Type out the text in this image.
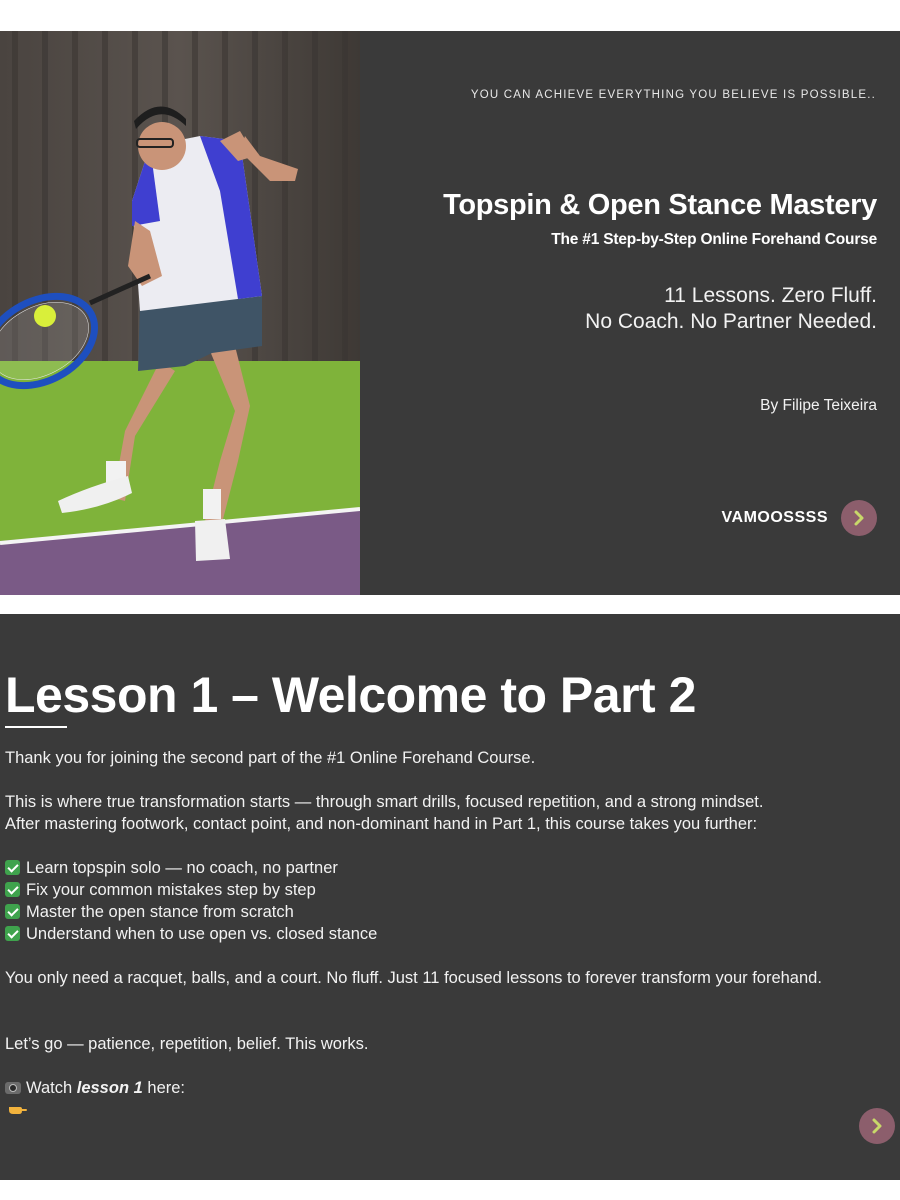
YOU CAN ACHIEVE EVERYTHING YOU BELIEVE IS POSSIBLE..
Topspin & Open Stance Mastery
The #1 Step-by-Step Online Forehand Course
11 Lessons. Zero Fluff.
No Coach. No Partner Needed.
By Filipe Teixeira
VAMOOSSSS
Lesson 1 – Welcome to Part 2
Thank you for joining the second part of the #1 Online Forehand Course.
This is where true transformation starts — through smart drills, focused repetition, and a strong mindset.
After mastering footwork, contact point, and non-dominant hand in Part 1, this course takes you further:
Learn topspin solo — no coach, no partner
Fix your common mistakes step by step
Master the open stance from scratch
Understand when to use open vs. closed stance
You only need a racquet, balls, and a court. No fluff. Just 11 focused lessons to forever transform your forehand.
Let’s go — patience, repetition, belief. This works.
Watch lesson 1 here:
